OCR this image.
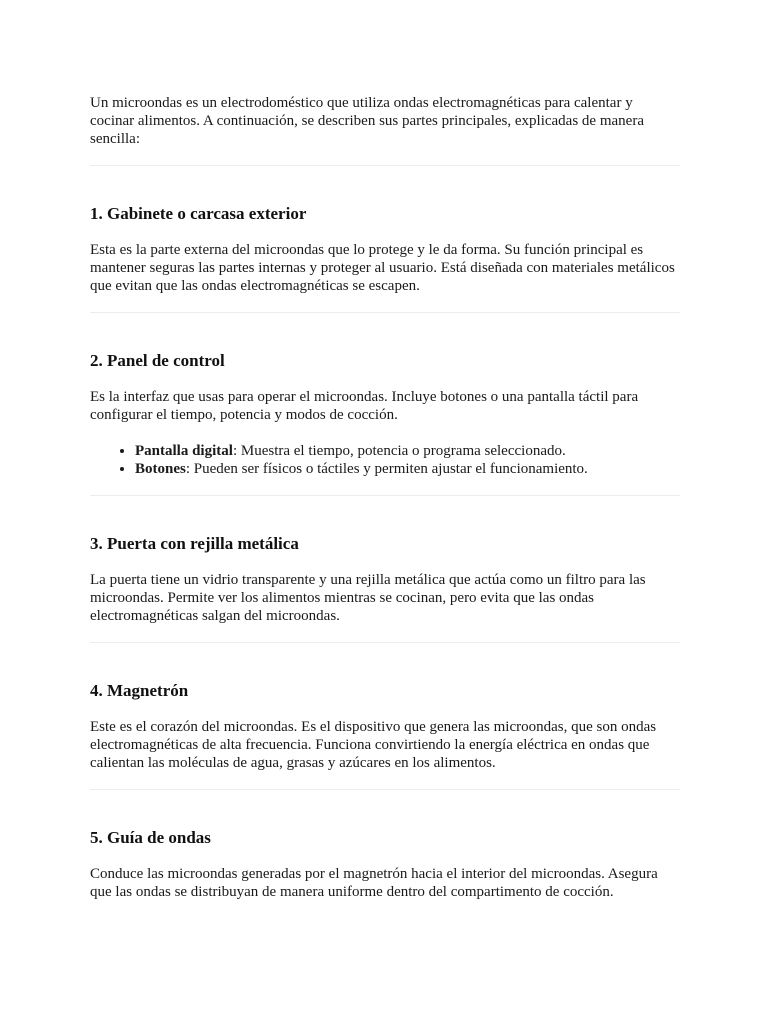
Un microondas es un electrodoméstico que utiliza ondas electromagnéticas para calentar y cocinar alimentos. A continuación, se describen sus partes principales, explicadas de manera sencilla:

1. Gabinete o carcasa exterior

Esta es la parte externa del microondas que lo protege y le da forma. Su función principal es mantener seguras las partes internas y proteger al usuario. Está diseñada con materiales metálicos que evitan que las ondas electromagnéticas se escapen.

2. Panel de control

Es la interfaz que usas para operar el microondas. Incluye botones o una pantalla táctil para configurar el tiempo, potencia y modos de cocción.

• Pantalla digital: Muestra el tiempo, potencia o programa seleccionado.
• Botones: Pueden ser físicos o táctiles y permiten ajustar el funcionamiento.
3. Puerta con rejilla metálica

La puerta tiene un vidrio transparente y una rejilla metálica que actúa como un filtro para las microondas. Permite ver los alimentos mientras se cocinan, pero evita que las ondas electromagnéticas salgan del microondas.

4. Magnetrón

Este es el corazón del microondas. Es el dispositivo que genera las microondas, que son ondas electromagnéticas de alta frecuencia. Funciona convirtiendo la energía eléctrica en ondas que calientan las moléculas de agua, grasas y azúcares en los alimentos.

5. Guía de ondas

Conduce las microondas generadas por el magnetrón hacia el interior del microondas. Asegura que las ondas se distribuyan de manera uniforme dentro del compartimento de cocción.
